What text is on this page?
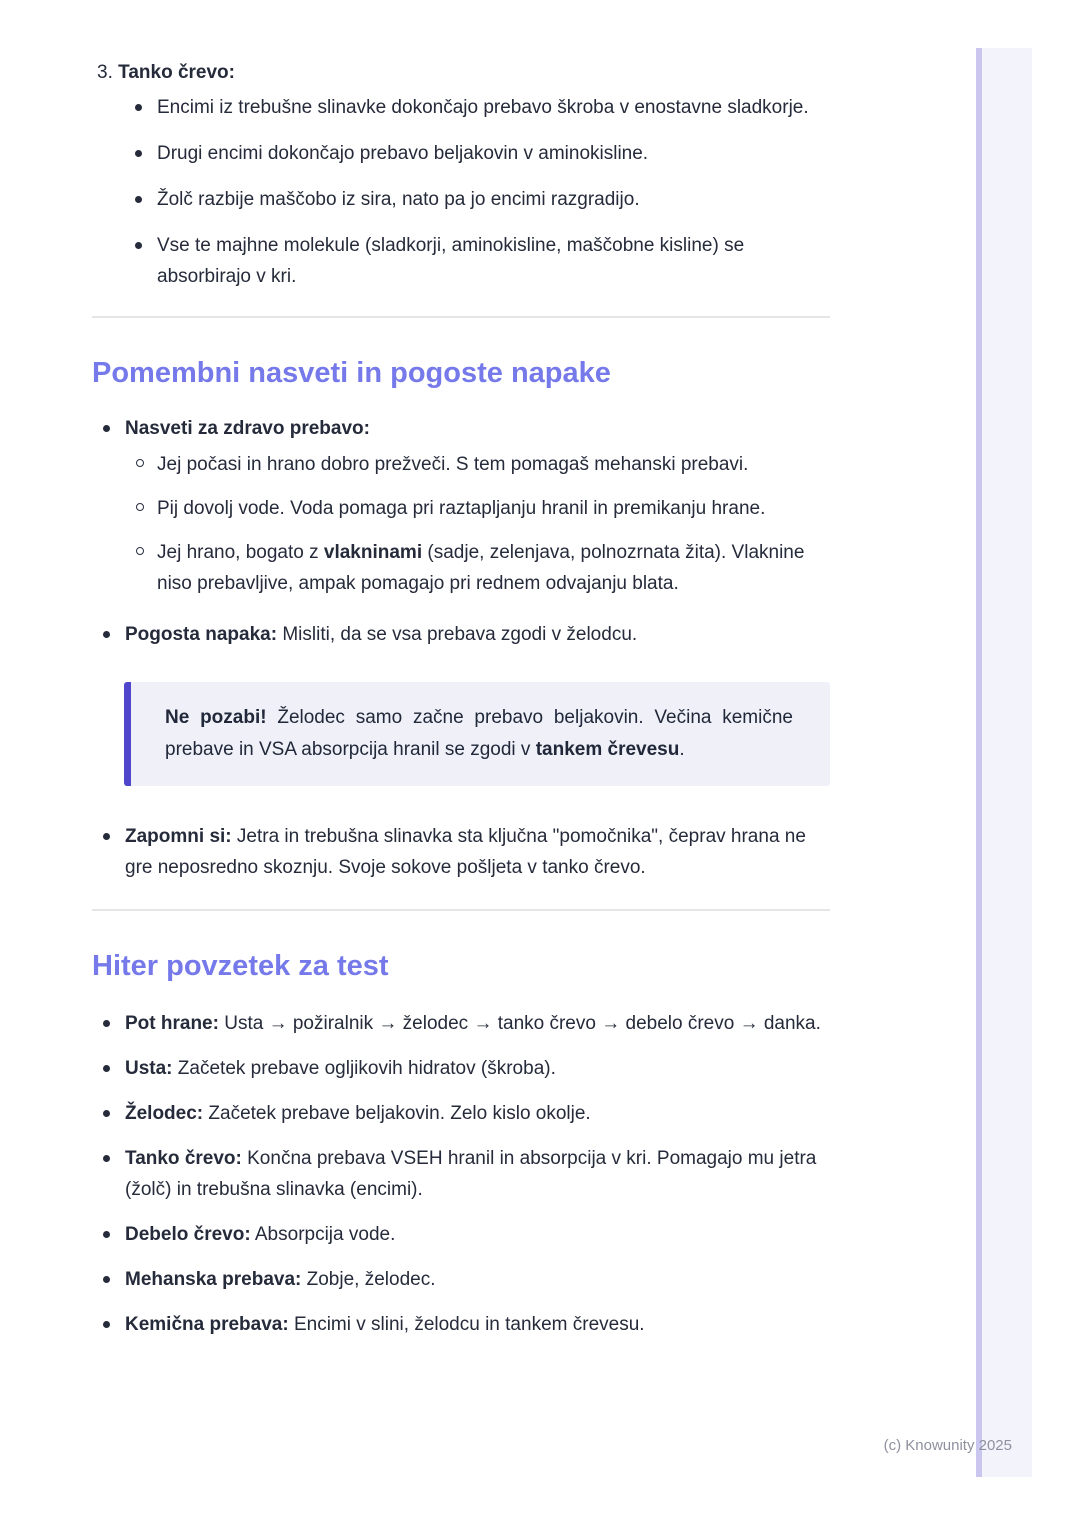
3. Tanko črevo:
Encimi iz trebušne slinavke dokončajo prebavo škroba v enostavne sladkorje.
Drugi encimi dokončajo prebavo beljakovin v aminokisline.
Žolč razbije maščobo iz sira, nato pa jo encimi razgradijo.
Vse te majhne molekule (sladkorji, aminokisline, maščobne kisline) se absorbirajo v kri.
Pomembni nasveti in pogoste napake
Nasveti za zdravo prebavo:
Jej počasi in hrano dobro prežveči. S tem pomagaš mehanski prebavi.
Pij dovolj vode. Voda pomaga pri raztapljanju hranil in premikanju hrane.
Jej hrano, bogato z vlakninami (sadje, zelenjava, polnozrnata žita). Vlaknine niso prebavljive, ampak pomagajo pri rednem odvajanju blata.
Pogosta napaka: Misliti, da se vsa prebava zgodi v želodcu.
Ne pozabi! Želodec samo začne prebavo beljakovin. Večina kemične prebave in VSA absorpcija hranil se zgodi v tankem črevesu.
Zapomni si: Jetra in trebušna slinavka sta ključna "pomočnika", čeprav hrana ne gre neposredno skoznju. Svoje sokove pošljeta v tanko črevo.
Hiter povzetek za test
Pot hrane: Usta → požiralnik → želodec → tanko črevo → debelo črevo → danka.
Usta: Začetek prebave ogljikovih hidratov (škroba).
Želodec: Začetek prebave beljakovin. Zelo kislo okolje.
Tanko črevo: Končna prebava VSEH hranil in absorpcija v kri. Pomagajo mu jetra (žolč) in trebušna slinavka (encimi).
Debelo črevo: Absorpcija vode.
Mehanska prebava: Zobje, želodec.
Kemična prebava: Encimi v slini, želodcu in tankem črevesu.
(c) Knowunity 2025
